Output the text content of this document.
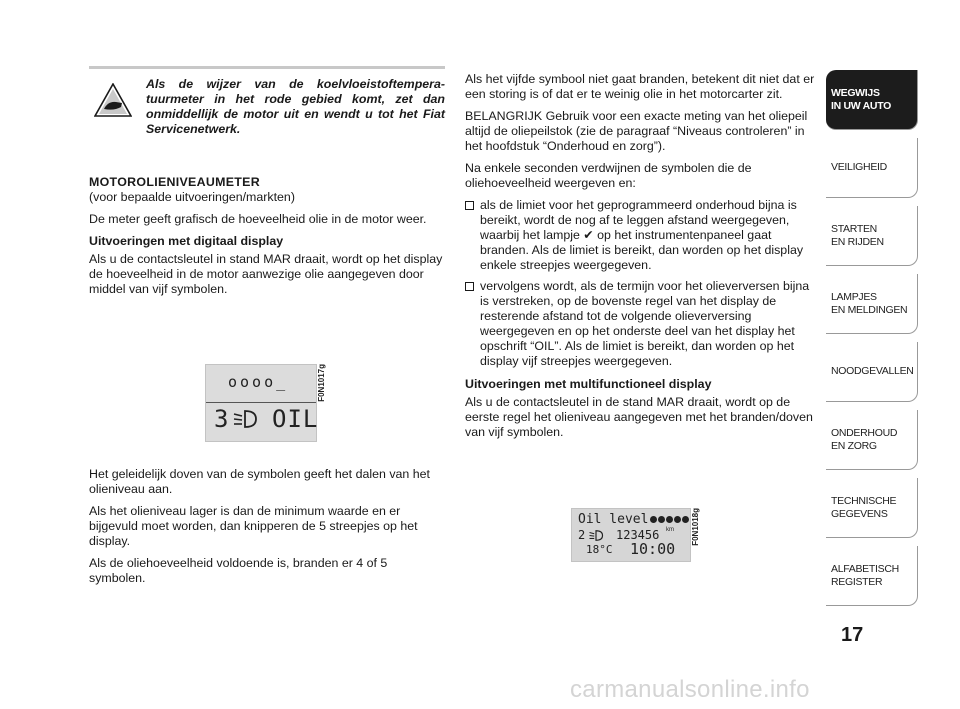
Als de wijzer van de koelvloeistoftempera-tuurmeter in het rode gebied komt, zet dan onmiddellijk de motor uit en wendt u tot het Fiat Servicenetwerk.
MOTOROLIENIVEAUMETER

(voor bepaalde uitvoeringen/markten)

De meter geeft grafisch de hoeveelheid olie in de motor weer.

Uitvoeringen met digitaal display

Als u de contactsleutel in stand MAR draait, wordt op het display de hoeveelheid in de motor aanwezige olie aangegeven door middel van vijf symbolen.

Het geleidelijk doven van de symbolen geeft het dalen van het olieniveau aan.

Als het olieniveau lager is dan de minimum waarde en er bijgevuld moet worden, dan knipperen de 5 streepjes op het display.

Als de oliehoeveelheid voldoende is, branden er 4 of 5 symbolen.

oooo_
3 OIL
F0N1017g

Als het vijfde symbool niet gaat branden, betekent dit niet dat er een storing is of dat er te weinig olie in het motorcarter zit.

BELANGRIJK Gebruik voor een exacte meting van het oliepeil altijd de oliepeilstok (zie de paragraaf “Niveaus controleren” in het hoofdstuk “Onderhoud en zorg”).

Na enkele seconden verdwijnen de symbolen die de oliehoeveelheid weergeven en:

als de limiet voor het geprogrammeerd onderhoud bijna is bereikt, wordt de nog af te leggen afstand weergegeven, waarbij het lampje ✔ op het instrumentenpaneel gaat branden. Als de limiet is bereikt, dan worden op het display enkele streepjes weergegeven.
vervolgens wordt, als de termijn voor het olieverversen bijna is verstreken, op de bovenste regel van het display de resterende afstand tot de volgende olieverversing weergegeven en op het onderste deel van het display het opschrift “OIL”. Als de limiet is bereikt, dan worden op het display vijf streepjes weergegeven.
Uitvoeringen met multifunctioneel display

Als u de contactsleutel in de stand MAR draait, wordt op de eerste regel het olieniveau aangegeven met het branden/doven van vijf symbolen.

Oil level
2	123456 km
18°C 10:00
F0N1018g
WEGWIJS
IN UW AUTO
VEILIGHEID
STARTEN
EN RIJDEN
LAMPJES
EN MELDINGEN
NOODGEVALLEN
ONDERHOUD
EN ZORG
TECHNISCHE
GEGEVENS
ALFABETISCH
REGISTER
17
carmanualsonline.info
